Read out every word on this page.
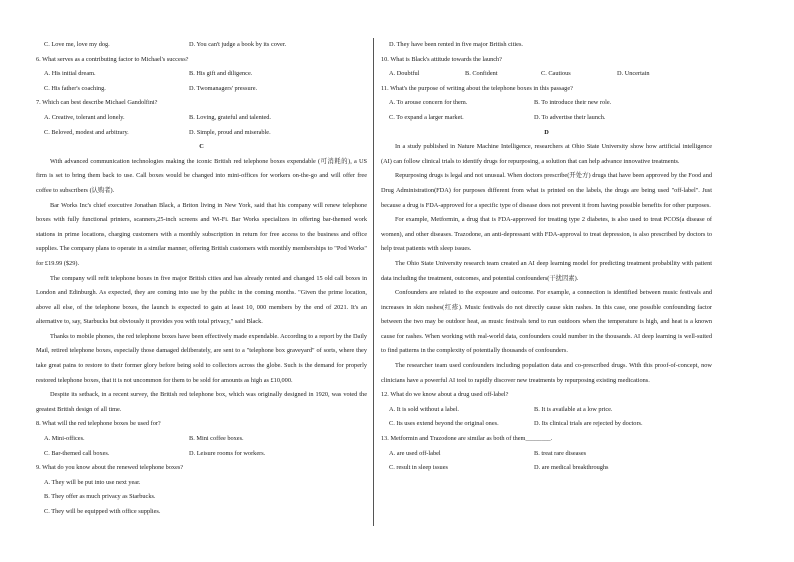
C. Love me, love my dog.	D. You can't judge a book by its cover.
6. What serves as a contributing factor to Michael's success?
A. His initial dream.	B. His gift and diligence.
C. His father's coaching.	D. Twomanagers' pressure.
7. Which can best describe Michael Gandolfini?
A. Creative, tolerant and lonely.	B. Loving, grateful and talented.
C. Beloved, modest and arbitrary.	D. Simple, proud and miserable.
C

With advanced communication technologies making the iconic British red telephone boxes expendable (可消耗的), a US firm is set to bring them back to use. Call boxes would be changed into mini-offices for workers on-the-go and will offer free coffee to subscribers (认购者).

Bar Works Inc's chief executive Jonathan Black, a Briton living in New York, said that his company will renew telephone boxes with fully functional printers, scanners,25-inch screens and Wi-Fi. Bar Works specializes in offering bar-themed work stations in prime locations, charging customers with a monthly subscription in return for free access to the business and office supplies. The company plans to operate in a similar manner, offering British customers with monthly memberships to "Pod Works" for £19.99 ($29).

The company will refit telephone boxes in five major British cities and has already rented and changed 15 old call boxes in London and Edinburgh. As expected, they are coming into use by the public in the coming months. "Given the prime location, above all else, of the telephone boxes, the launch is expected to gain at least 10, 000 members by the end of 2021. It's an alternative to, say, Starbucks but obviously it provides you with total privacy," said Black.

Thanks to mobile phones, the red telephone boxes have been effectively made expendable. According to a report by the Daily Mail, retired telephone boxes, especially those damaged deliberately, are sent to a "telephone box graveyard" of sorts, where they take great pains to restore to their former glory before being sold to collectors across the globe. Such is the demand for properly restored telephone boxes, that it is not uncommon for them to be sold for amounts as high as £10,000.

Despite its setback, in a recent survey, the British red telephone box, which was originally designed in 1920, was voted the greatest British design of all time.

8. What will the red telephone boxes be used for?
A. Mini-offices.	B. Mini coffee boxes.
C. Bar-themed call boxes.	D. Leisure rooms for workers.
9. What do you know about the renewed telephone boxes?
A. They will be put into use next year.
B. They offer as much privacy as Starbucks.
C. They will be equipped with office supplies.
D. They have been rented in five major British cities.
10. What is Black's attitude towards the launch?
A. Doubtful	B. Confident	C. Cautious	D. Uncertain
11. What's the purpose of writing about the telephone boxes in this passage?
A. To arouse concern for them.	B. To introduce their new role.
C. To expand a larger market.	D. To advertise their launch.
D

In a study published in Nature Machine Intelligence, researchers at Ohio State University show how artificial intelligence (AI) can follow clinical trials to identify drugs for repurposing, a solution that can help advance innovative treatments.

Repurposing drugs is legal and not unusual. When doctors prescribe(开处方) drugs that have been approved by the Food and Drug Administration(FDA) for purposes different from what is printed on the labels, the drugs are being used "off-label". Just because a drug is FDA-approved for a specific type of disease does not prevent it from having possible benefits for other purposes.

For example, Metformin, a drug that is FDA-approved for treating type 2 diabetes, is also used to treat PCOS(a disease of women), and other diseases. Trazodone, an anti-depressant with FDA-approval to treat depression, is also prescribed by doctors to help treat patients with sleep issues.

The Ohio State University research team created an AI deep learning model for predicting treatment probability with patient data including the treatment, outcomes, and potential confounders(干扰因素).

Confounders are related to the exposure and outcome. For example, a connection is identified between music festivals and increases in skin rashes(红疹). Music festivals do not directly cause skin rashes. In this case, one possible confounding factor between the two may be outdoor heat, as music festivals tend to run outdoors when the temperature is high, and heat is a known cause for rashes. When working with real-world data, confounders could number in the thousands. AI deep learning is well-suited to find patterns in the complexity of potentially thousands of confounders.

The researcher team used confounders including population data and co-prescribed drugs. With this proof-of-concept, now clinicians have a powerful AI tool to rapidly discover new treatments by repurposing existing medications.

12. What do we know about a drug used off-label?
A. It is sold without a label.	B. It is available at a low price.
C. Its uses extend beyond the original ones.	D. Its clinical trials are rejected by doctors.
13. Metformin and Trazodone are similar as both of them________.
A. are used off-label	B. treat rare diseases
C. result in sleep issues	D. are medical breakthroughs
